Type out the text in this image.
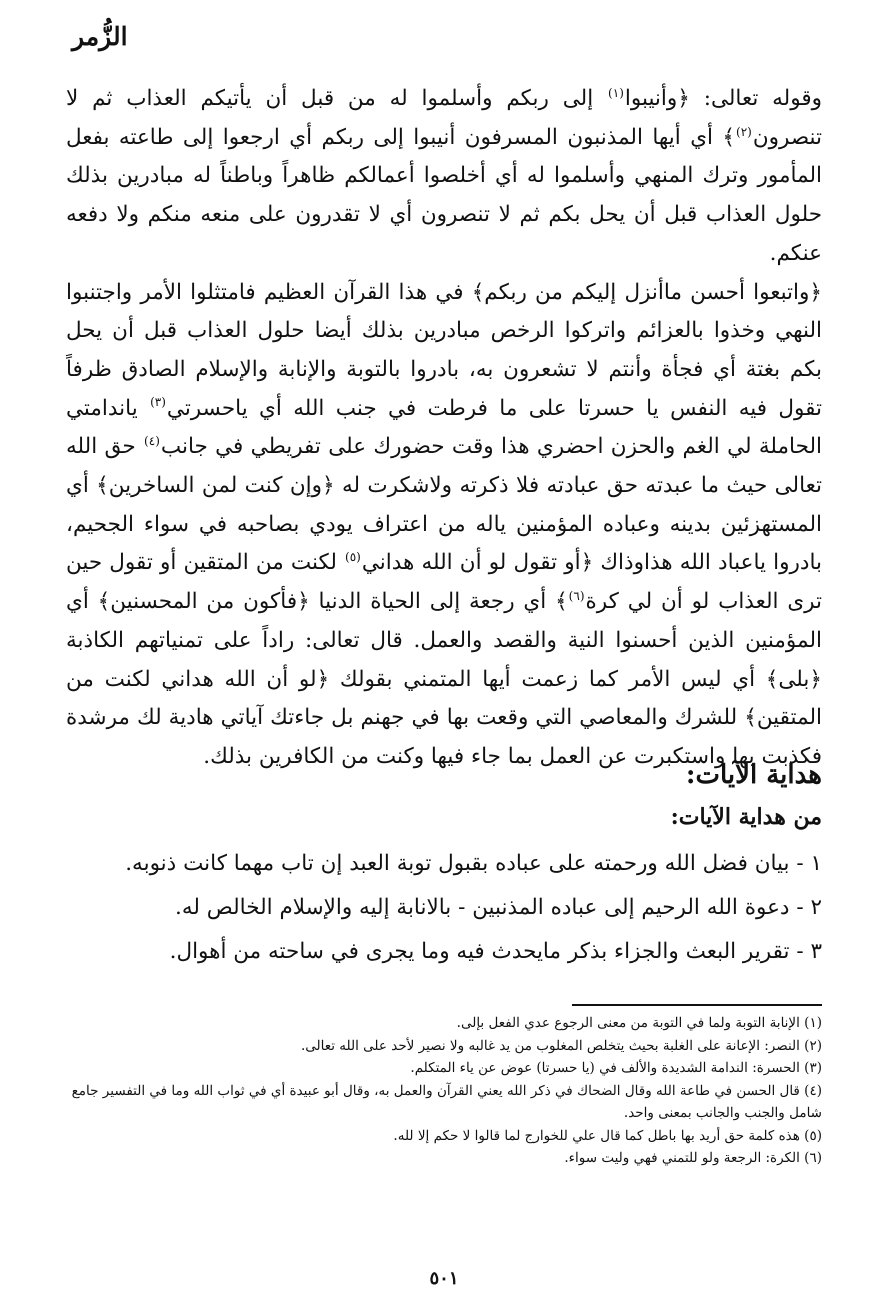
الزُّمر

وقوله تعالى: ﴿وأنيبوا$^{(١)}$ إلى ربكم وأسلموا له من قبل أن يأتيكم العذاب ثم لا تنصرون$^{(٢)}$﴾ أي أيها المذنبون المسرفون أنيبوا إلى ربكم أي ارجعوا إلى طاعته بفعل المأمور وترك المنهي وأسلموا له أي أخلصوا أعمالكم ظاهراً وباطناً له مبادرين بذلك حلول العذاب قبل أن يحل بكم ثم لا تنصرون أي لا تقدرون على منعه منكم ولا دفعه عنكم.

﴿واتبعوا أحسن ماأنزل إليكم من ربكم﴾ في هذا القرآن العظيم فامتثلوا الأمر واجتنبوا النهي وخذوا بالعزائم واتركوا الرخص مبادرين بذلك أيضا حلول العذاب قبل أن يحل بكم بغتة أي فجأة وأنتم لا تشعرون به، بادروا بالتوبة والإنابة والإسلام الصادق ظرفاً تقول فيه النفس يا حسرتا على ما فرطت في جنب الله أي ياحسرتي$^{(٣)}$ ياندامتي الحاملة لي الغم والحزن احضري هذا وقت حضورك على تفريطي في جانب$^{(٤)}$ حق الله تعالى حيث ما عبدته حق عبادته فلا ذكرته ولاشكرت له ﴿وإن كنت لمن الساخرين﴾ أي المستهزئين بدينه وعباده المؤمنين ياله من اعتراف يودي بصاحبه في سواء الجحيم، بادروا ياعباد الله هذاوذاك ﴿أو تقول لو أن الله هداني$^{(٥)}$ لكنت من المتقين أو تقول حين ترى العذاب لو أن لي كرة$^{(٦)}$﴾ أي رجعة إلى الحياة الدنيا ﴿فأكون من المحسنين﴾ أي المؤمنين الذين أحسنوا النية والقصد والعمل. قال تعالى: راداً على تمنياتهم الكاذبة ﴿بلى﴾ أي ليس الأمر كما زعمت أيها المتمني بقولك ﴿لو أن الله هداني لكنت من المتقين﴾ للشرك والمعاصي التي وقعت بها في جهنم بل جاءتك آياتي هادية لك مرشدة فكذبت بها واستكبرت عن العمل بما جاء فيها وكنت من الكافرين بذلك.

هداية الآيات:
من هداية الآيات:
١ - بيان فضل الله ورحمته على عباده بقبول توبة العبد إن تاب مهما كانت ذنوبه.
٢ - دعوة الله الرحيم إلى عباده المذنبين - بالانابة إليه والإسلام الخالص له.
٣ - تقرير البعث والجزاء بذكر مايحدث فيه وما يجرى في ساحته من أهوال.
(١) الإنابة التوبة ولما في التوبة من معنى الرجوع عدي الفعل بإلى.
(٢) النصر: الإعانة على الغلبة بحيث يتخلص المغلوب من يد غالبه ولا نصير لأحد على الله تعالى.
(٣) الحسرة: الندامة الشديدة والألف في (يا حسرتا) عوض عن ياء المتكلم.
(٤) قال الحسن في طاعة الله وقال الضحاك في ذكر الله يعني القرآن والعمل به، وقال أبو عبيدة أي في ثواب الله وما في التفسير جامع شامل والجنب والجانب بمعنى واحد.
(٥) هذه كلمة حق أريد بها باطل كما قال علي للخوارج لما قالوا لا حكم إلا لله.
(٦) الكرة: الرجعة ولو للتمني فهي وليت سواء.
٥٠١
